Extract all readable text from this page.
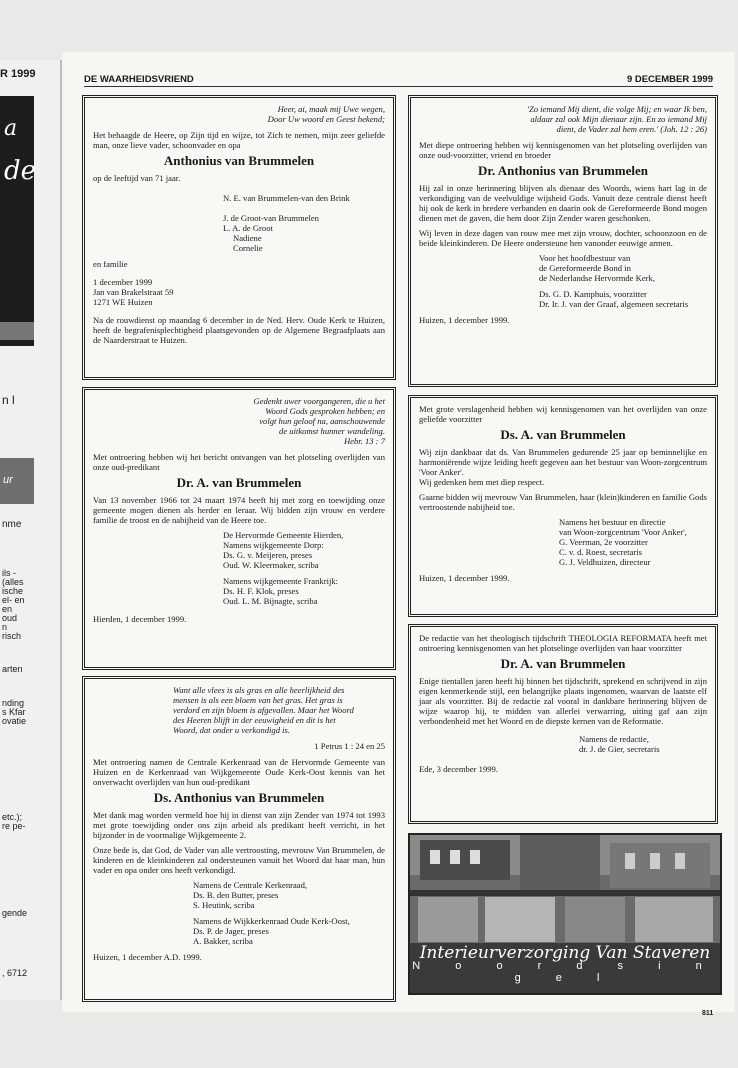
R 1999
a
de
al
n l
ur
nme
ils -
(alles
ische
el- en
en
oud
n
risch
arten
nding
s Kfar
ovatie
etc.);
re pe-
gende
, 6712
DE WAARHEIDSVRIEND	9 DECEMBER 1999
Heer, ai, maak mij Uwe wegen,
Door Uw woord en Geest bekend;

Het behaagde de Heere, op Zijn tijd en wijze, tot Zich te nemen, mijn zeer geliefde man, onze lieve vader, schoonvader en opa

Anthonius van Brummelen

op de leeftijd van 71 jaar.

N. E. van Brummelen-van den Brink
J. de Groot-van Brummelen
L. A. de Groot
Nadiene
Cornelie

en familie

1 december 1999
Jan van Brakelstraat 59
1271 WE Huizen

Na de rouwdienst op maandag 6 december in de Ned. Herv. Oude Kerk te Huizen, heeft de begrafenisplechtigheid plaatsgevonden op de Algemene Begraafplaats aan de Naarderstraat te Huizen.

Gedenkt uwer voorgangeren, die u het
Woord Gods gesproken hebben; en
volgt hun geloof na, aanschouwende
de uitkomst hunner wandeling.
Hebr. 13 : 7

Met ontroering hebben wij het bericht ontvangen van het plotseling overlijden van onze oud-predikant

Dr. A. van Brummelen

Van 13 november 1966 tot 24 maart 1974 heeft hij met zorg en toewijding onze gemeente mogen dienen als herder en leraar. Wij bidden zijn vrouw en verdere familie de troost en de nabijheid van de Heere toe.

De Hervormde Gemeente Hierden,
Namens wijkgemeente Dorp:
Ds. G. v. Meijeren, preses
Oud. W. Kleermaker, scriba
Namens wijkgemeente Frankrijk:
Ds. H. F. Klok, preses
Oud. L. M. Bijnagte, scriba

Hierden, 1 december 1999.

Want alle vlees is als gras en alle heerlijkheid des
mensen is als een bloem van het gras. Het gras is
verdord en zijn bloem is afgevallen. Maar het Woord
des Heeren blijft in der eeuwigheid en dit is het
Woord, dat onder u verkondigd is.
1 Petrus 1 : 24 en 25

Met ontroering namen de Centrale Kerkenraad van de Hervormde Gemeente van Huizen en de Kerkenraad van Wijkgemeente Oude Kerk-Oost kennis van het onverwacht overlijden van hun oud-predikant

Ds. Anthonius van Brummelen

Met dank mag worden vermeld hoe hij in dienst van zijn Zender van 1974 tot 1993 met grote toewijding onder ons zijn arbeid als predikant heeft verricht, in het bijzonder in de voormalige Wijkgemeente 2.

Onze bede is, dat God, de Vader van alle vertroosting, mevrouw Van Brummelen, de kinderen en de kleinkinderen zal ondersteunen vanuit het Woord dat haar man, hun vader en opa onder ons heeft verkondigd.

Namens de Centrale Kerkenraad,
Ds. B. den Butter, preses
S. Heutink, scriba
Namens de Wijkkerkenraad Oude Kerk-Oost,
Ds. P. de Jager, preses
A. Bakker, scriba

Huizen, 1 december A.D. 1999.

'Zo iemand Mij dient, die volge Mij; en waar Ik ben,
aldaar zal ook Mijn dienaar zijn. En zo iemand Mij
dient, de Vader zal hem eren.' (Joh. 12 : 26)

Met diepe ontroering hebben wij kennisgenomen van het plotseling overlijden van onze oud-voorzitter, vriend en broeder

Dr. Anthonius van Brummelen

Hij zal in onze herinnering blijven als dienaar des Woords, wiens hart lag in de verkondiging van de veelvuldige wijsheid Gods. Vanuit deze centrale dienst heeft hij ook de kerk in bredere verbanden en daarin ook de Gereformeerde Bond mogen dienen met de gaven, die hem door Zijn Zender waren geschonken.

Wij leven in deze dagen van rouw mee met zijn vrouw, dochter, schoonzoon en de beide kleinkinderen. De Heere ondersteune hen vanonder eeuwige armen.

Voor het hoofdbestuur van
de Gereformeerde Bond in
de Nederlandse Hervormde Kerk,
Ds. G. D. Kamphuis, voorzitter
Dr. Ir. J. van der Graaf, algemeen secretaris

Huizen, 1 december 1999.

Met grote verslagenheid hebben wij kennisgenomen van het overlijden van onze geliefde voorzitter

Ds. A. van Brummelen

Wij zijn dankbaar dat ds. Van Brummelen gedurende 25 jaar op beminnelijke en harmoniërende wijze leiding heeft gegeven aan het bestuur van Woon-zorgcentrum 'Voor Anker'.

Wij gedenken hem met diep respect.

Gaarne bidden wij mevrouw Van Brummelen, haar (klein)kinderen en familie Gods vertroostende nabijheid toe.

Namens het bestuur en directie
van Woon-zorgcentrum 'Voor Anker',
G. Veerman, 2e voorzitter
C. v. d. Roest, secretaris
G. J. Veldhuizen, directeur

Huizen, 1 december 1999.

De redactie van het theologisch tijdschrift THEOLOGIA REFORMATA heeft met ontroering kennisgenomen van het plotselinge overlijden van haar voorzitter

Dr. A. van Brummelen

Enige tientallen jaren heeft hij binnen het tijdschrift, sprekend en schrijvend in zijn eigen kenmerkende stijl, een belangrijke plaats ingenomen, waarvan de laatste elf jaar als voorzitter. Bij de redactie zal vooral in dankbare herinnering blijven de wijze waarop hij, te midden van allerlei verwarring, uiting gaf aan zijn verbondenheid met het Woord en de diepste kernen van de Reformatie.

Namens de redactie,
dr. J. de Gier, secretaris

Ede, 3 december 1999.

Interieurverzorging Van Staveren
N o o r d s i n g e l
811
